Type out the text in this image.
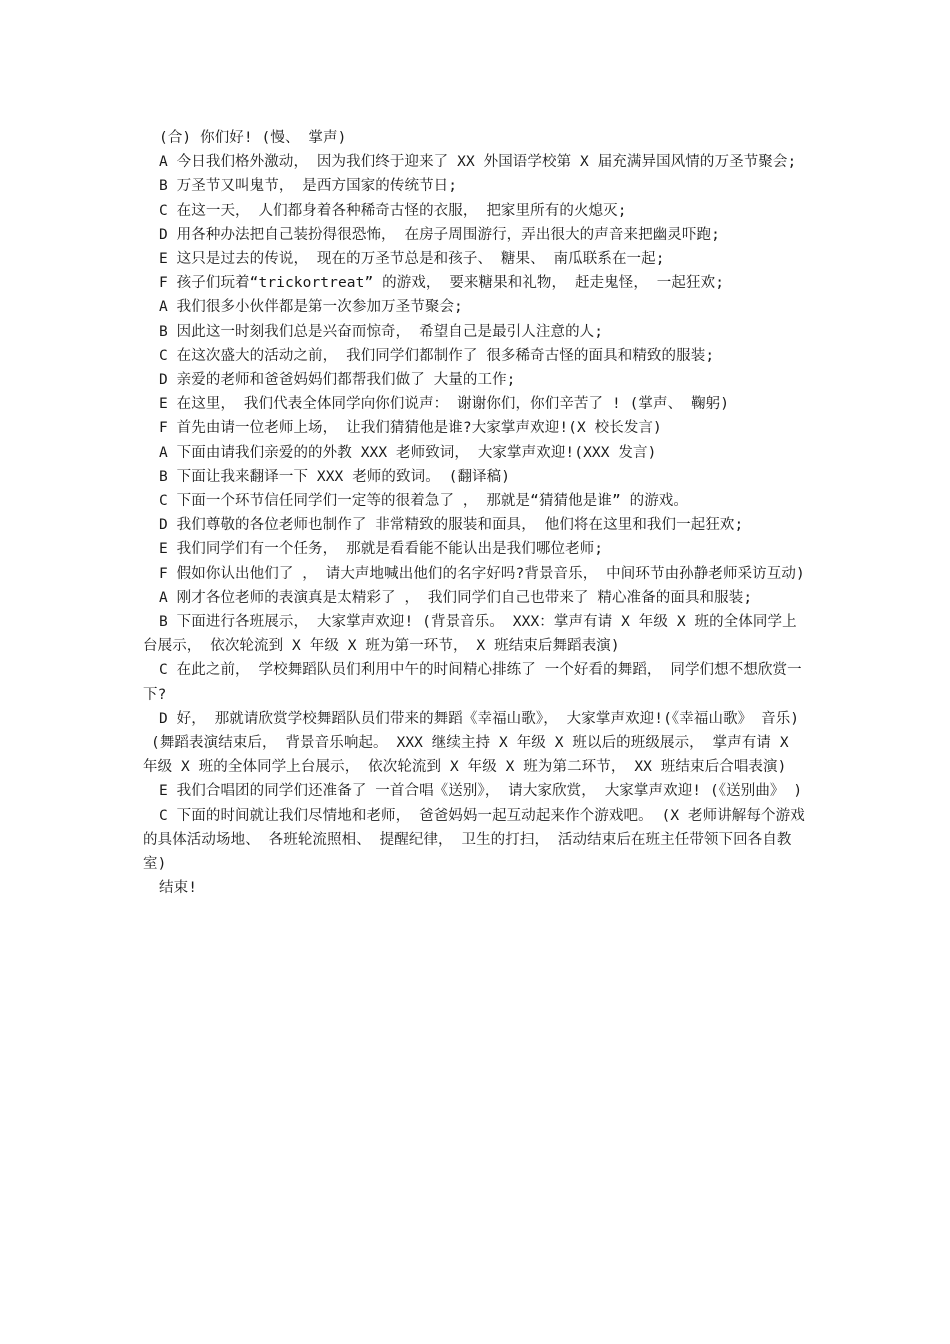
(合) 你们好! (慢、 掌声)

A 今日我们格外激动， 因为我们终于迎来了 XX 外国语学校第 X 届充满异国风情的万圣节聚会;

B 万圣节又叫鬼节， 是西方国家的传统节日;

C 在这一天， 人们都身着各种稀奇古怪的衣服， 把家里所有的火熄灭;

D 用各种办法把自己装扮得很恐怖， 在房子周围游行，弄出很大的声音来把幽灵吓跑;

E 这只是过去的传说， 现在的万圣节总是和孩子、 糖果、 南瓜联系在一起;

F 孩子们玩着“trickortreat” 的游戏， 要来糖果和礼物， 赶走鬼怪， 一起狂欢;

A 我们很多小伙伴都是第一次参加万圣节聚会;

B 因此这一时刻我们总是兴奋而惊奇， 希望自己是最引人注意的人;

C 在这次盛大的活动之前， 我们同学们都制作了 很多稀奇古怪的面具和精致的服装;

D 亲爱的老师和爸爸妈妈们都帮我们做了 大量的工作;

E 在这里， 我们代表全体同学向你们说声： 谢谢你们，你们辛苦了 ! (掌声、 鞠躬)

F 首先由请一位老师上场， 让我们猜猜他是谁?大家掌声欢迎!(X 校长发言)

A 下面由请我们亲爱的的外教 XXX 老师致词， 大家掌声欢迎!(XXX 发言)

B 下面让我来翻译一下 XXX 老师的致词。 (翻译稿)

C 下面一个环节信任同学们一定等的很着急了 ， 那就是“猜猜他是谁” 的游戏。

D 我们尊敬的各位老师也制作了 非常精致的服装和面具， 他们将在这里和我们一起狂欢;

E 我们同学们有一个任务， 那就是看看能不能认出是我们哪位老师;

F 假如你认出他们了 ， 请大声地喊出他们的名字好吗?背景音乐， 中间环节由孙静老师采访互动)

A 刚才各位老师的表演真是太精彩了 ， 我们同学们自己也带来了 精心准备的面具和服装;

B 下面进行各班展示， 大家掌声欢迎! (背景音乐。 XXX：掌声有请 X 年级 X 班的全体同学上台展示， 依次轮流到 X 年级 X 班为第一环节， X 班结束后舞蹈表演)

C 在此之前， 学校舞蹈队员们利用中午的时间精心排练了 一个好看的舞蹈， 同学们想不想欣赏一下?

D 好， 那就请欣赏学校舞蹈队员们带来的舞蹈《幸福山歌》， 大家掌声欢迎!(《幸福山歌》 音乐)

(舞蹈表演结束后， 背景音乐响起。 XXX 继续主持 X 年级 X 班以后的班级展示， 掌声有请 X 年级 X 班的全体同学上台展示， 依次轮流到 X 年级 X 班为第二环节， XX 班结束后合唱表演)

E 我们合唱团的同学们还准备了 一首合唱《送别》， 请大家欣赏， 大家掌声欢迎! (《送别曲》 )

C 下面的时间就让我们尽情地和老师， 爸爸妈妈一起互动起来作个游戏吧。 (X 老师讲解每个游戏的具体活动场地、 各班轮流照相、 提醒纪律， 卫生的打扫， 活动结束后在班主任带领下回各自教室)

结束!
